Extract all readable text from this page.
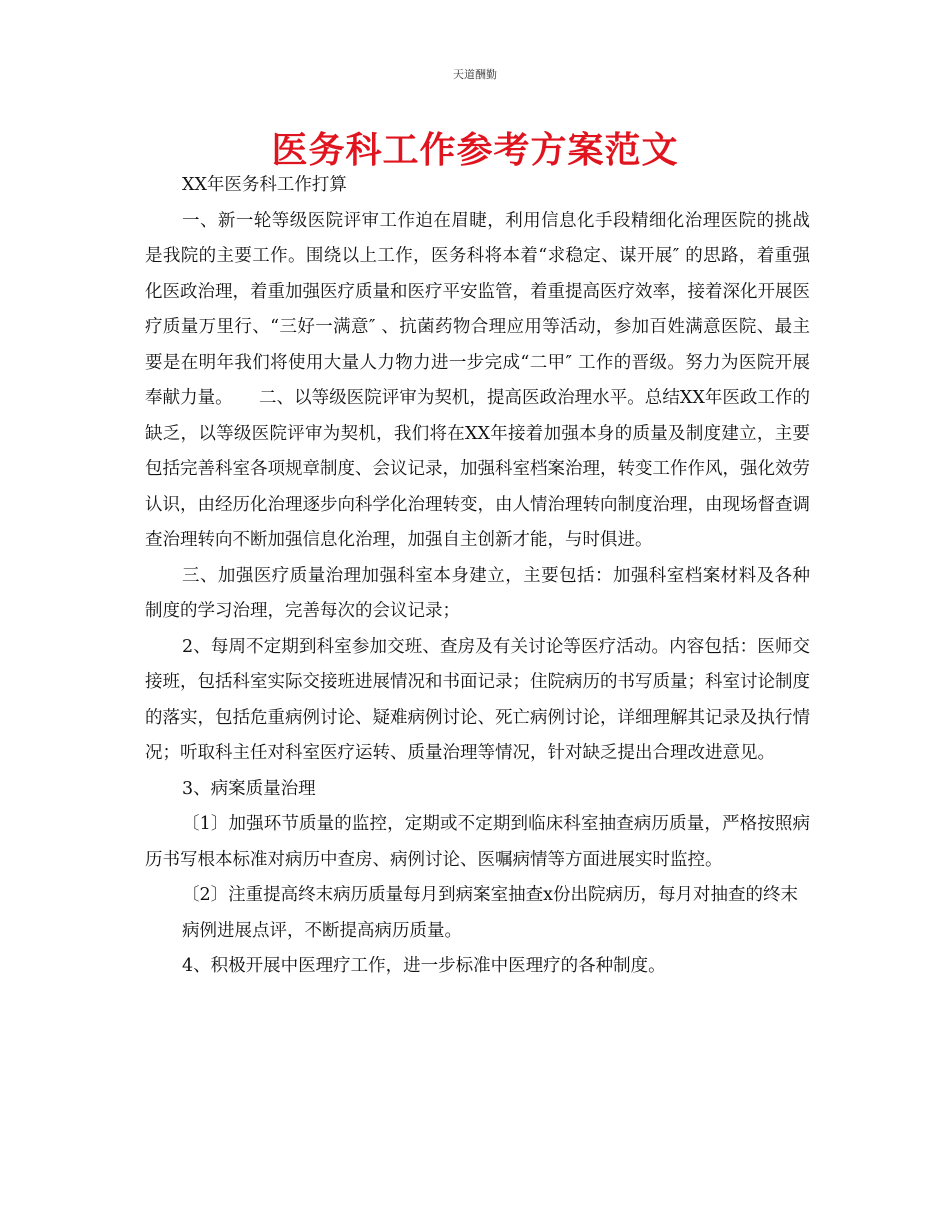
天道酬勤
医务科工作参考方案范文

XX年医务科工作打算

一、新一轮等级医院评审工作迫在眉睫，利用信息化手段精细化治理医院的挑战是我院的主要工作。围绕以上工作，医务科将本着“求稳定、谋开展″ 的思路，着重强化医政治理，着重加强医疗质量和医疗平安监管，着重提高医疗效率，接着深化开展医疗质量万里行、“三好一满意″ 、抗菌药物合理应用等活动，参加百姓满意医院、最主要是在明年我们将使用大量人力物力进一步完成“二甲″ 工作的晋级。努力为医院开展奉献力量。　　二、以等级医院评审为契机，提高医政治理水平。总结XX年医政工作的缺乏，以等级医院评审为契机，我们将在XX年接着加强本身的质量及制度建立，主要包括完善科室各项规章制度、会议记录，加强科室档案治理，转变工作作风，强化效劳认识，由经历化治理逐步向科学化治理转变，由人情治理转向制度治理，由现场督查调查治理转向不断加强信息化治理，加强自主创新才能，与时俱进。

三、加强医疗质量治理加强科室本身建立，主要包括：加强科室档案材料及各种制度的学习治理，完善每次的会议记录；

2、每周不定期到科室参加交班、查房及有关讨论等医疗活动。内容包括：医师交接班，包括科室实际交接班进展情况和书面记录；住院病历的书写质量；科室讨论制度的落实，包括危重病例讨论、疑难病例讨论、死亡病例讨论，详细理解其记录及执行情况；听取科主任对科室医疗运转、质量治理等情况，针对缺乏提出合理改进意见。

3、病案质量治理

〔1〕加强环节质量的监控，定期或不定期到临床科室抽查病历质量，严格按照病历书写根本标准对病历中查房、病例讨论、医嘱病情等方面进展实时监控。

〔2〕注重提高终末病历质量每月到病案室抽查x份出院病历，每月对抽查的终末

病例进展点评，不断提高病历质量。

4、积极开展中医理疗工作，进一步标准中医理疗的各种制度。
